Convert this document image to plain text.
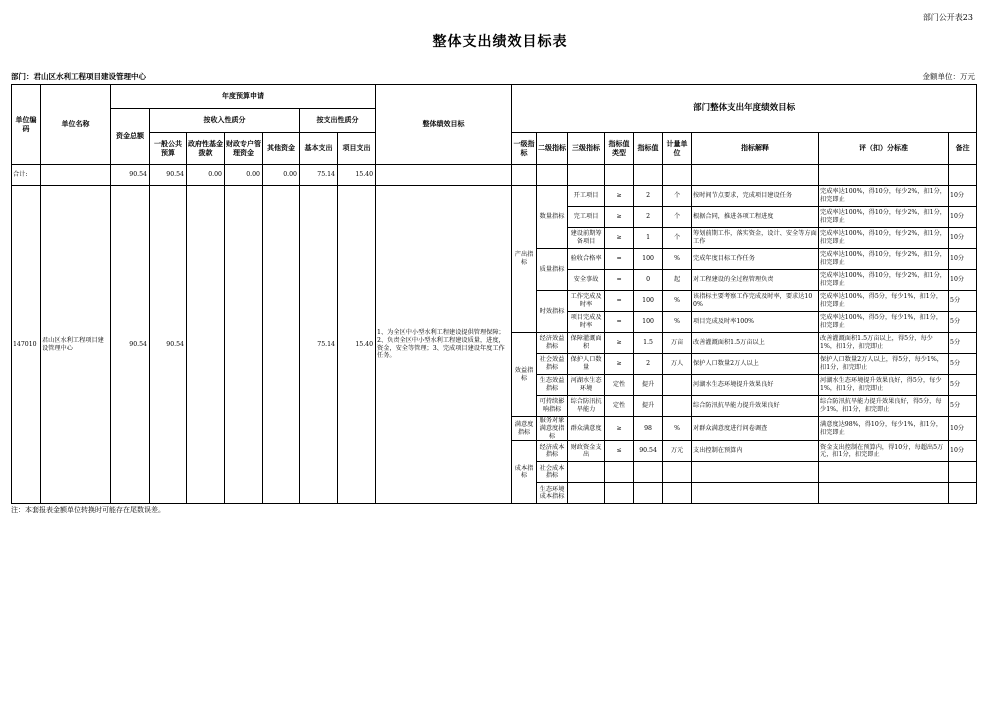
部门公开表23
整体支出绩效目标表
部门：君山区水利工程项目建设管理中心	金额单位：万元
单位编码	单位名称	年度预算申请							整体绩效目标	部门整体支出年度绩效目标								
		资金总额	按收入性质分				按支出性质分											
			一般公共预算	政府性基金拨款	财政专户管理资金	其他资金	基本支出	项目支出		一级指标	二级指标	三级指标	指标值类型	指标值	计量单位	指标解释	评（扣）分标准	备注
合计:		90.54	90.54	0.00	0.00	0.00	75.14	15.40										
147010	君山区水利工程项目建设管理中心	90.54	90.54				75.14	15.40	1、为全区中小型水利工程建设提供管理保障；2、负责全区中小型水利工程建设质量，进度，资金，安全等管理；3、完成项目建设年度工作任务。	产出指标	数量指标	开工项目	≥	2	个	按时间节点要求，完成项目建设任务	完成率达100%，得10分，每少2%，扣1分，扣完即止	10分
												完工项目	≥	2	个	根据合同，推进各项工程进度	完成率达100%，得10分，每少2%，扣1分，扣完即止	10分
												建设前期筹备项目	≥	1	个	筹划前期工作，落实资金，设计、安全等方面工作	完成率达100%，得10分，每少2%，扣1分，扣完即止	10分
											质量指标	验收合格率	=	100	%	完成年度目标工作任务	完成率达100%，得10分，每少2%，扣1分，扣完即止	10分
												安全事故	=	0	起	对工程建设的全过程管理负责	完成率达100%，得10分，每少2%，扣1分，扣完即止	10分
											时效指标	工作完成及时率	=	100	%	该指标主要考察工作完成及时率，要求达100%	完成率达100%，得5分，每少1%，扣1分，扣完即止	5分
												项目完成及时率	=	100	%	项目完成及时率100%	完成率达100%，得5分，每少1%，扣1分，扣完即止	5分
										效益指标	经济效益指标	保障灌溉面积	≥	1.5	万亩	改善灌溉面积1.5万亩以上	改善灌溉面积1.5万亩以上，得5分，每少1%，扣1分，扣完即止	5分
											社会效益指标	保护人口数量	≥	2	万人	保护人口数量2万人以上	保护人口数量2万人以上，得5分，每少1%，扣1分，扣完即止	5分
											生态效益指标	河湖水生态环境	定性	提升		河湖水生态环境提升效果良好	河湖水生态环境提升效果良好，得5分，每少1%，扣1分，扣完即止	5分
											可持续影响指标	综合防汛抗旱能力	定性	提升		综合防汛抗旱能力提升效果良好	综合防汛抗旱能力提升效果良好，得5分，每少1%，扣1分，扣完即止	5分
										满意度指标	服务对象满意度指标	群众满意度	≥	98	%	对群众满意度进行问卷调查	满意度达98%，得10分，每少1%，扣1分，扣完即止	10分
										成本指标	经济成本指标	财政资金支出	≤	90.54	万元	支出控制在预算内	资金支出控制在预算内，得10分，每超出5万元，扣1分，扣完即止	10分
											社会成本指标							
											生态环境成本指标							
注：本套报表金额单位转换时可能存在尾数误差。
